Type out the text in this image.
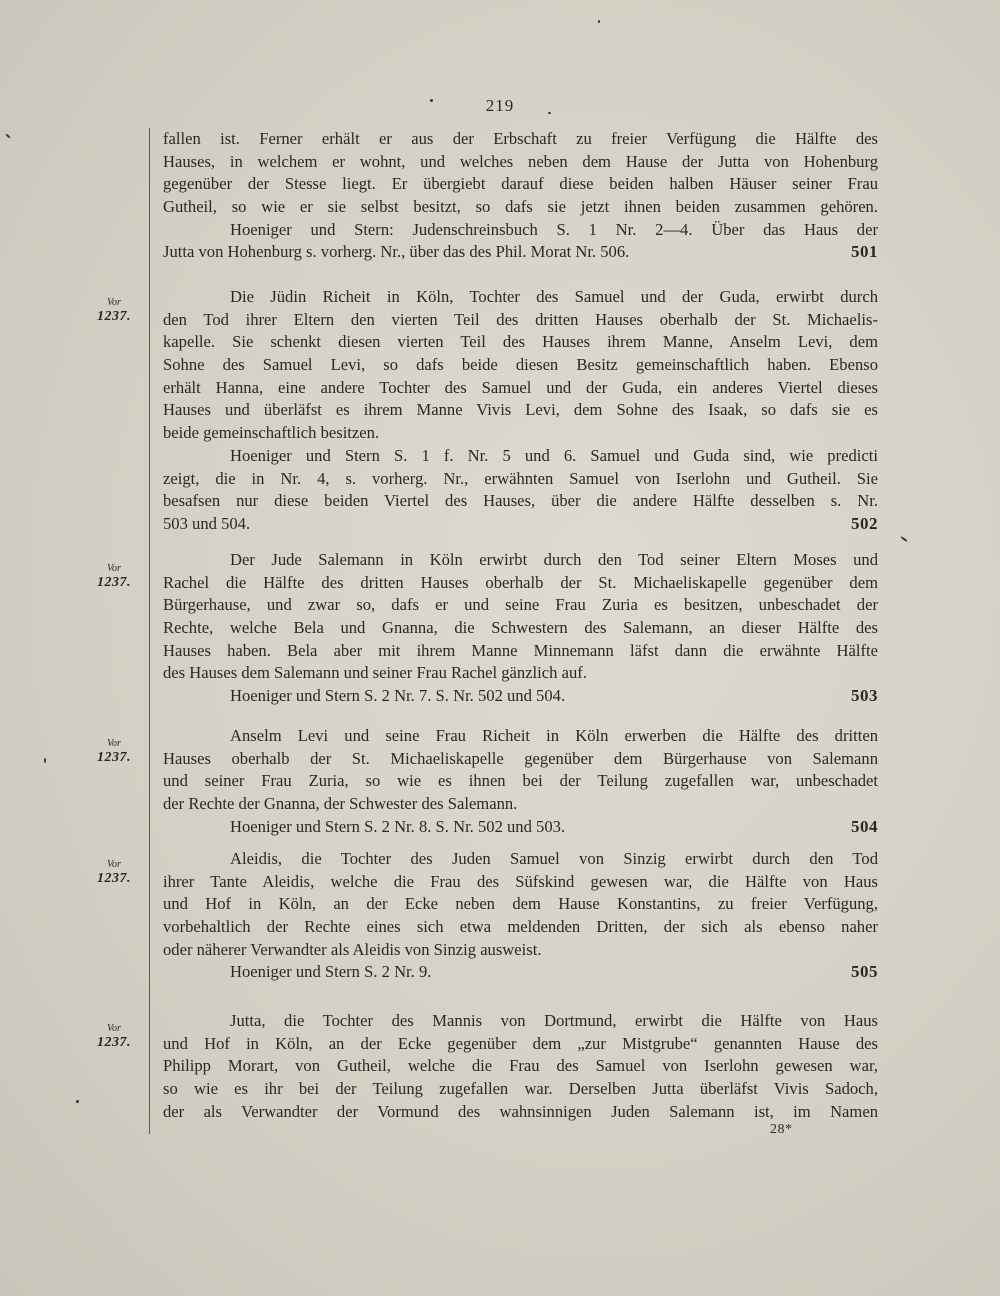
219
fallen ist. Ferner erhält er aus der Erbschaft zu freier Verfügung die Hälfte des
Hauses, in welchem er wohnt, und welches neben dem Hause der Jutta von Hohenburg
gegenüber der Stesse liegt. Er übergiebt darauf diese beiden halben Häuser seiner Frau
Gutheil, so wie er sie selbst besitzt, so dafs sie jetzt ihnen beiden zusammen gehören.
Hoeniger und Stern: Judenschreinsbuch S. 1 Nr. 2—4. Über das Haus der
Jutta von Hohenburg s. vorherg. Nr., über das des Phil. Morat Nr. 506.	501
Vor
1237.
Die Jüdin Richeit in Köln, Tochter des Samuel und der Guda, erwirbt durch
den Tod ihrer Eltern den vierten Teil des dritten Hauses oberhalb der St. Michaelis-
kapelle. Sie schenkt diesen vierten Teil des Hauses ihrem Manne, Anselm Levi, dem
Sohne des Samuel Levi, so dafs beide diesen Besitz gemeinschaftlich haben. Ebenso
erhält Hanna, eine andere Tochter des Samuel und der Guda, ein anderes Viertel dieses
Hauses und überläfst es ihrem Manne Vivis Levi, dem Sohne des Isaak, so dafs sie es
beide gemeinschaftlich besitzen.
Hoeniger und Stern S. 1 f. Nr. 5 und 6. Samuel und Guda sind, wie predicti
zeigt, die in Nr. 4, s. vorherg. Nr., erwähnten Samuel von Iserlohn und Gutheil. Sie
besafsen nur diese beiden Viertel des Hauses, über die andere Hälfte desselben s. Nr.
503 und 504.	502
Vor
1237.
Der Jude Salemann in Köln erwirbt durch den Tod seiner Eltern Moses und
Rachel die Hälfte des dritten Hauses oberhalb der St. Michaeliskapelle gegenüber dem
Bürgerhause, und zwar so, dafs er und seine Frau Zuria es besitzen, unbeschadet der
Rechte, welche Bela und Gnanna, die Schwestern des Salemann, an dieser Hälfte des
Hauses haben. Bela aber mit ihrem Manne Minnemann läfst dann die erwähnte Hälfte
des Hauses dem Salemann und seiner Frau Rachel gänzlich auf.
Hoeniger und Stern S. 2 Nr. 7. S. Nr. 502 und 504.	503
Vor
1237.
Anselm Levi und seine Frau Richeit in Köln erwerben die Hälfte des dritten
Hauses oberhalb der St. Michaeliskapelle gegenüber dem Bürgerhause von Salemann
und seiner Frau Zuria, so wie es ihnen bei der Teilung zugefallen war, unbeschadet
der Rechte der Gnanna, der Schwester des Salemann.
Hoeniger und Stern S. 2 Nr. 8. S. Nr. 502 und 503.	504
Vor
1237.
Aleidis, die Tochter des Juden Samuel von Sinzig erwirbt durch den Tod
ihrer Tante Aleidis, welche die Frau des Süfskind gewesen war, die Hälfte von Haus
und Hof in Köln, an der Ecke neben dem Hause Konstantins, zu freier Verfügung,
vorbehaltlich der Rechte eines sich etwa meldenden Dritten, der sich als ebenso naher
oder näherer Verwandter als Aleidis von Sinzig ausweist.
Hoeniger und Stern S. 2 Nr. 9.	505
Vor
1237.
Jutta, die Tochter des Mannis von Dortmund, erwirbt die Hälfte von Haus
und Hof in Köln, an der Ecke gegenüber dem „zur Mistgrube“ genannten Hause des
Philipp Morart, von Gutheil, welche die Frau des Samuel von Iserlohn gewesen war,
so wie es ihr bei der Teilung zugefallen war. Derselben Jutta überläfst Vivis Sadoch,
der als Verwandter der Vormund des wahnsinnigen Juden Salemann ist, im Namen
28*
